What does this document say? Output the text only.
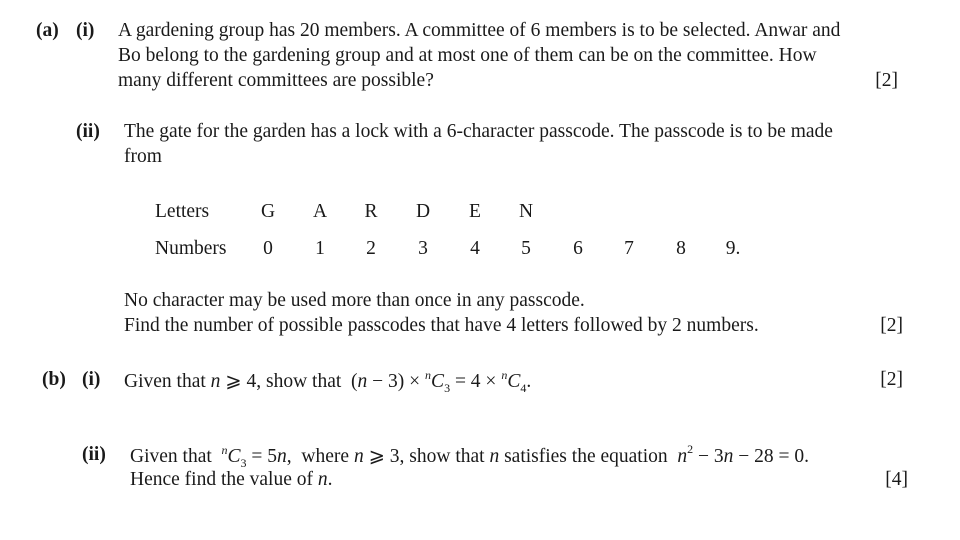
(a) (i) A gardening group has 20 members. A committee of 6 members is to be selected. Anwar and
Bo belong to the gardening group and at most one of them can be on the committee. How
many different committees are possible?	[2]
(ii) The gate for the garden has a lock with a 6-character passcode. The passcode is to be made
from
Letters	G	A	R	D	E	N
Numbers	0	1	2	3	4	5	6	7	8	9.
No character may be used more than once in any passcode.
Find the number of possible passcodes that have 4 letters followed by 2 numbers.	[2]
(b) (i) Given that n ⩾ 4, show that $(n - 3) \times ^nC_3 = 4 \times ^nC_4$.	[2]
(ii) Given that $^nC_3 = 5n$, where n ⩾ 3, show that n satisfies the equation $n^2 - 3n - 28 = 0$.
Hence find the value of n.	[4]
